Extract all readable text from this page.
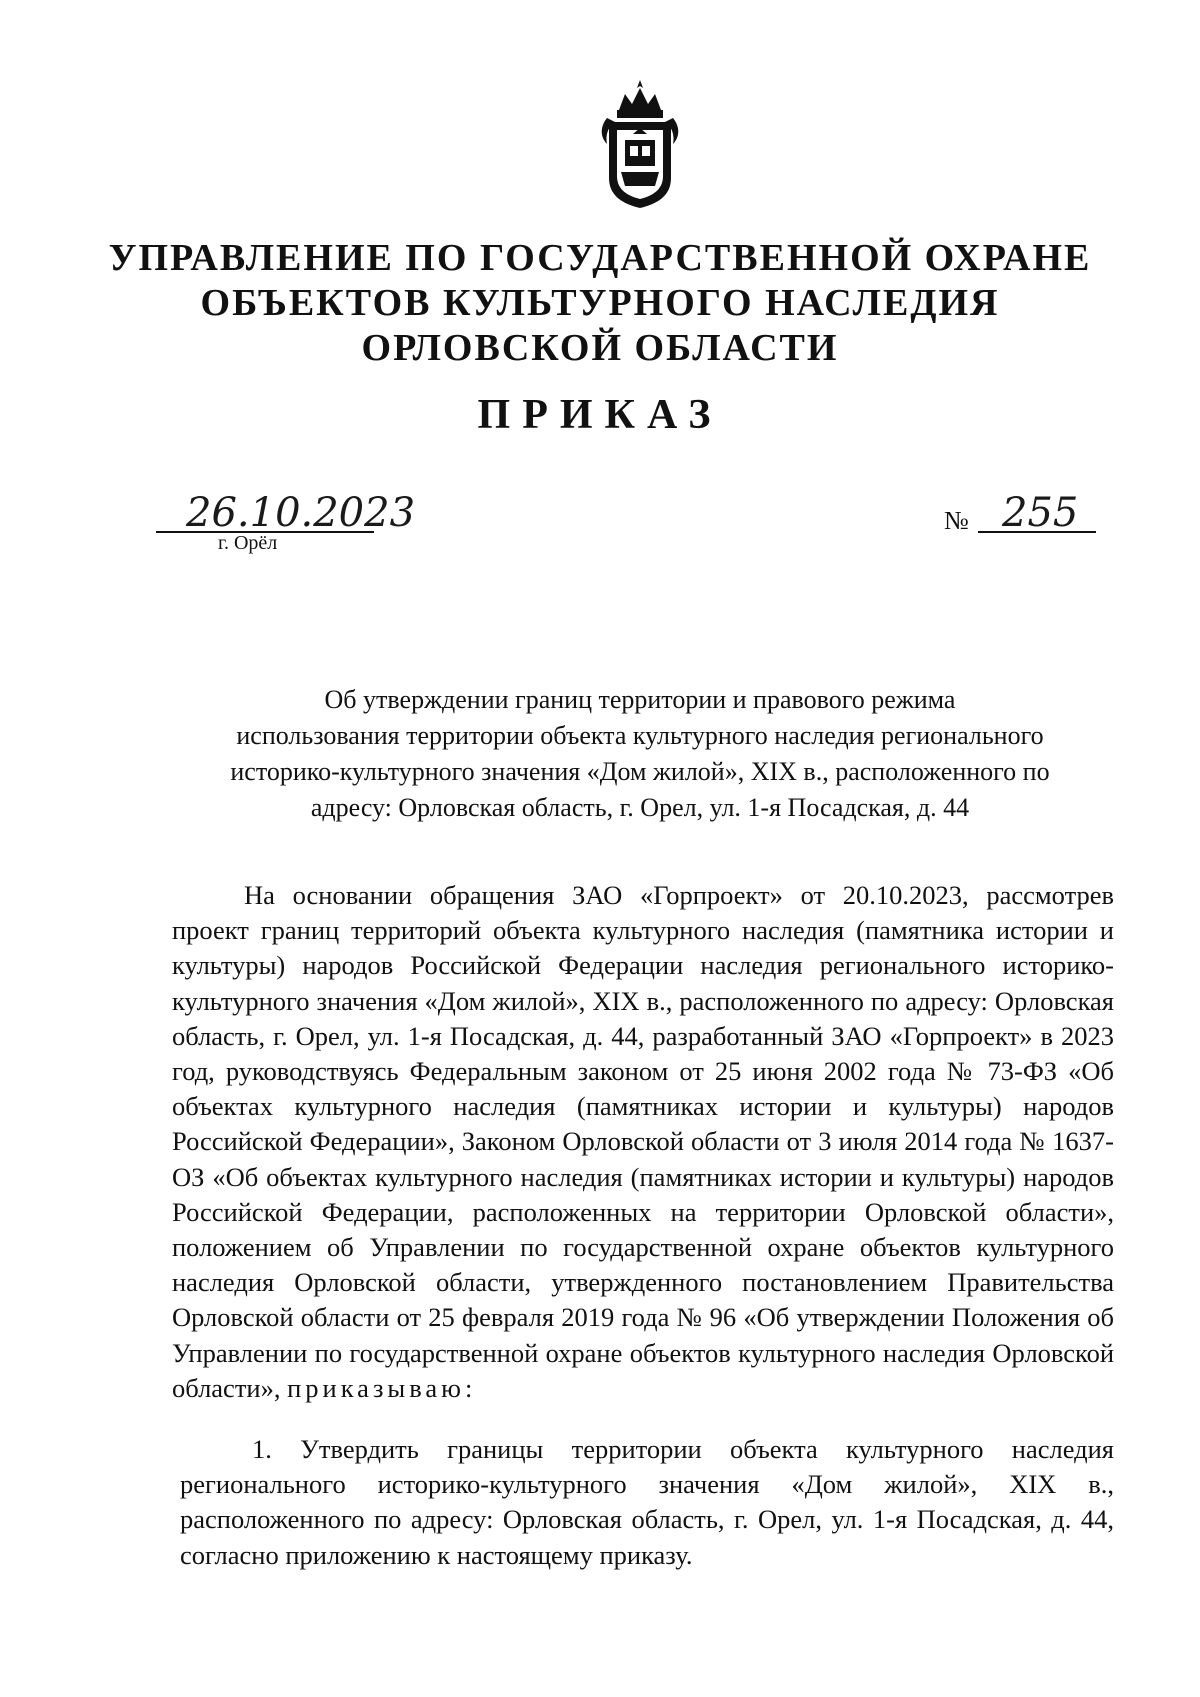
УПРАВЛЕНИЕ ПО ГОСУДАРСТВЕННОЙ ОХРАНЕ
ОБЪЕКТОВ КУЛЬТУРНОГО НАСЛЕДИЯ
ОРЛОВСКОЙ ОБЛАСТИ
ПРИКАЗ
26.10.2023
г. Орёл
№ 255
Об утверждении границ территории и правового режима
использования территории объекта культурного наследия регионального
историко-культурного значения «Дом жилой», XIX в., расположенного по
адресу: Орловская область, г. Орел, ул. 1-я Посадская, д. 44
На основании обращения ЗАО «Горпроект» от 20.10.2023, рассмотрев проект границ территорий объекта культурного наследия (памятника истории и культуры) народов Российской Федерации наследия регионального историко-культурного значения «Дом жилой», XIX в., расположенного по адресу: Орловская область, г. Орел, ул. 1-я Посадская, д. 44, разработанный ЗАО «Горпроект» в 2023 год, руководствуясь Федеральным законом от 25 июня 2002 года № 73-ФЗ «Об объектах культурного наследия (памятниках истории и культуры) народов Российской Федерации», Законом Орловской области от 3 июля 2014 года № 1637-ОЗ «Об объектах культурного наследия (памятниках истории и культуры) народов Российской Федерации, расположенных на территории Орловской области», положением об Управлении по государственной охране объектов культурного наследия Орловской области, утвержденного постановлением Правительства Орловской области от 25 февраля 2019 года № 96 «Об утверждении Положения об Управлении по государственной охране объектов культурного наследия Орловской области», приказываю:
1. Утвердить границы территории объекта культурного наследия регионального историко-культурного значения «Дом жилой», XIX в., расположенного по адресу: Орловская область, г. Орел, ул. 1-я Посадская, д. 44, согласно приложению к настоящему приказу.
